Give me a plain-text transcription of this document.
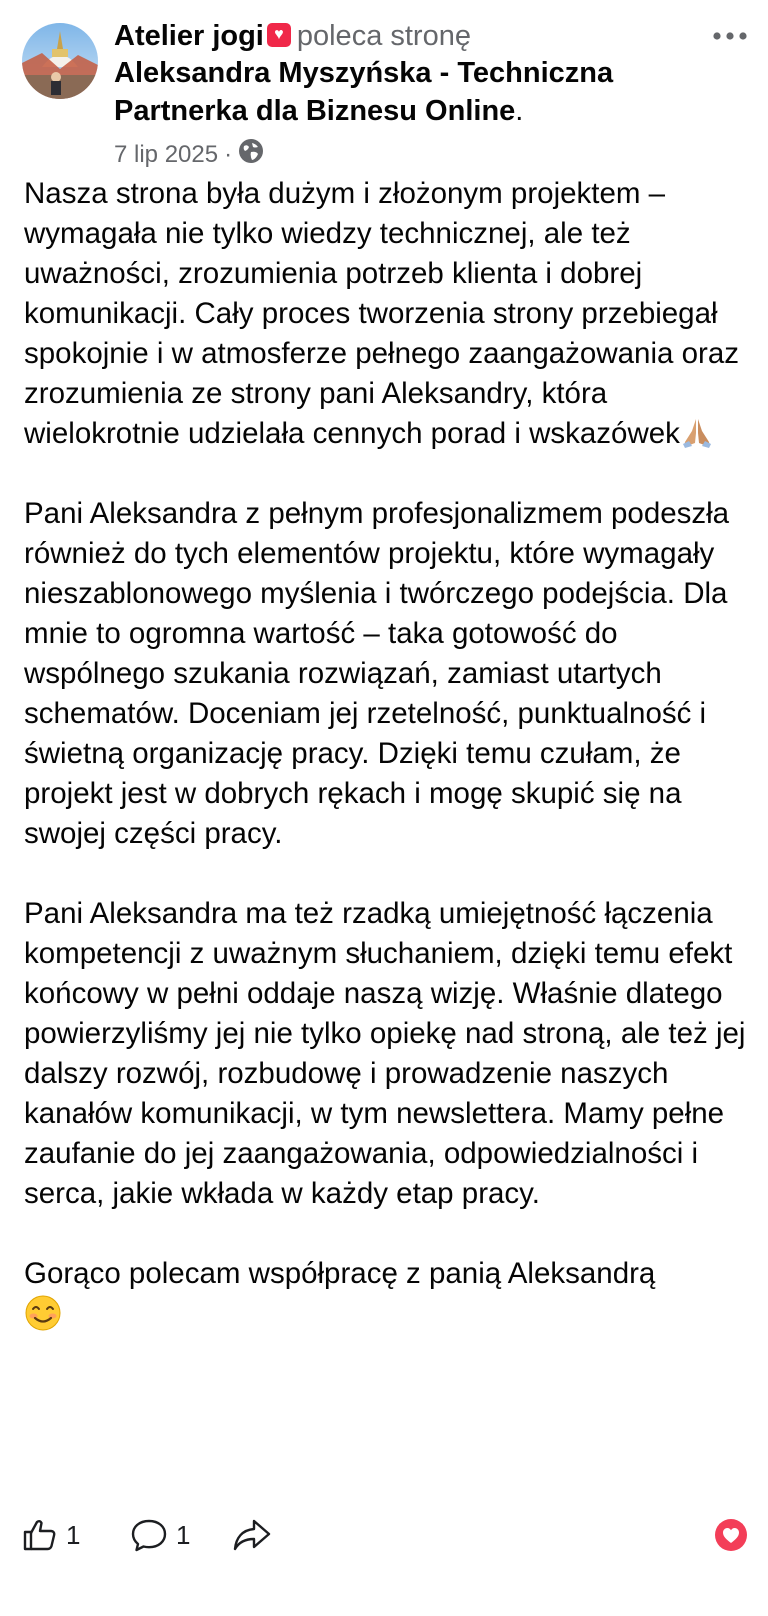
Atelier jogi ♥ poleca stronę
Aleksandra Myszyńska - Techniczna Partnerka dla Biznesu Online.
7 lip 2025 ·

Nasza strona była dużym i złożonym projektem – wymagała nie tylko wiedzy technicznej, ale też uważności, zrozumienia potrzeb klienta i dobrej komunikacji. Cały proces tworzenia strony przebiegał spokojnie i w atmosferze pełnego zaangażowania oraz zrozumienia ze strony pani Aleksandry, która wielokrotnie udzielała cennych porad i wskazówek

Pani Aleksandra z pełnym profesjonalizmem podeszła również do tych elementów projektu, które wymagały nieszablonowego myślenia i twórczego podejścia. Dla mnie to ogromna wartość – taka gotowość do wspólnego szukania rozwiązań, zamiast utartych schematów. Doceniam jej rzetelność, punktualność i świetną organizację pracy. Dzięki temu czułam, że projekt jest w dobrych rękach i mogę skupić się na swojej części pracy.

Pani Aleksandra ma też rzadką umiejętność łączenia kompetencji z uważnym słuchaniem, dzięki temu efekt końcowy w pełni oddaje naszą wizję. Właśnie dlatego powierzyliśmy jej nie tylko opiekę nad stroną, ale też jej dalszy rozwój, rozbudowę i prowadzenie naszych kanałów komunikacji, w tym newslettera. Mamy pełne zaufanie do jej zaangażowania, odpowiedzialności i serca, jakie wkłada w każdy etap pracy.

Gorąco polecam współpracę z panią Aleksandrą

1	1
